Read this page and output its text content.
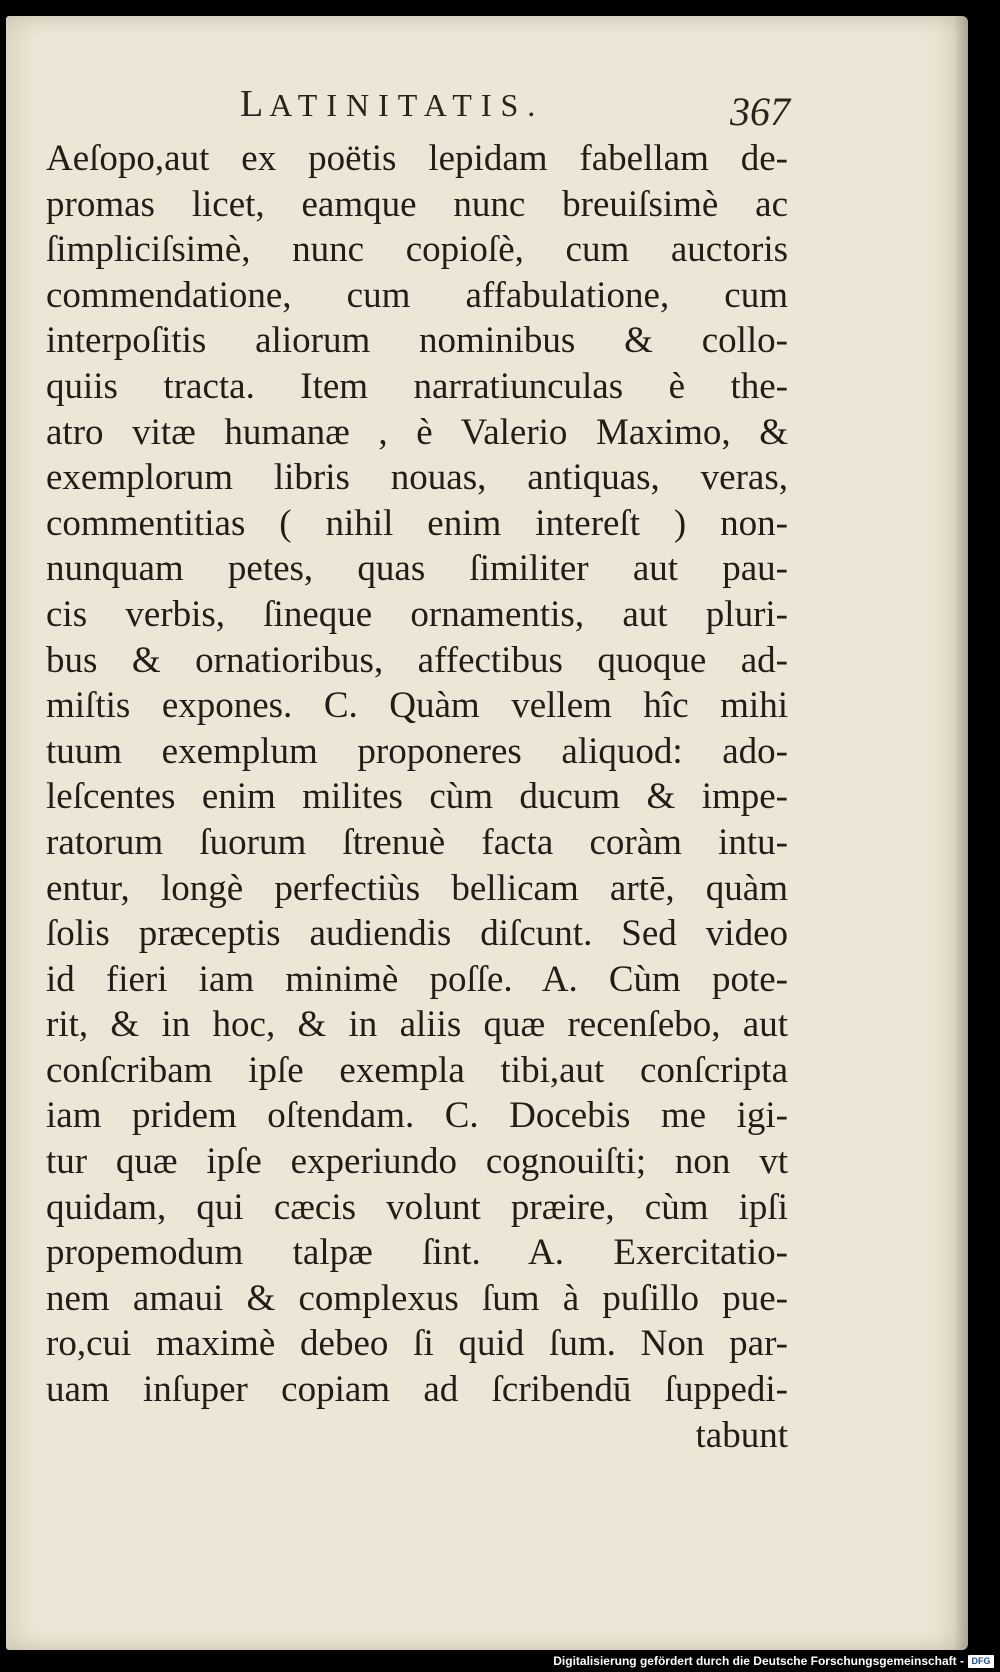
LATINITATIS.	367
Aeſopo,aut ex poëtis lepidam fabellam de-
promas licet, eamque nunc breuiſsimè ac
ſimpliciſsimè, nunc copioſè, cum auctoris
commendatione, cum affabulatione, cum
interpoſitis aliorum nominibus & collo-
quiis tracta. Item narratiunculas è the-
atro vitæ humanæ , è Valerio Maximo, &
exemplorum libris nouas, antiquas, veras,
commentitias ( nihil enim intereſt ) non-
nunquam petes, quas ſimiliter aut pau-
cis verbis, ſineque ornamentis, aut pluri-
bus & ornatioribus, affectibus quoque ad-
miſtis expones. C. Quàm vellem hîc mihi
tuum exemplum proponeres aliquod: ado-
leſcentes enim milites cùm ducum & impe-
ratorum ſuorum ſtrenuè facta coràm intu-
entur, longè perfectiùs bellicam artē, quàm
ſolis præceptis audiendis diſcunt. Sed video
id fieri iam minimè poſſe. A. Cùm pote-
rit, & in hoc, & in aliis quæ recenſebo, aut
conſcribam ipſe exempla tibi,aut conſcripta
iam pridem oſtendam. C. Docebis me igi-
tur quæ ipſe experiundo cognouiſti; non vt
quidam, qui cæcis volunt præire, cùm ipſi
propemodum talpæ ſint. A. Exercitatio-
nem amaui & complexus ſum à puſillo pue-
ro,cui maximè debeo ſi quid ſum. Non par-
uam inſuper copiam ad ſcribendū ſuppedi-
tabunt
Digitalisierung gefördert durch die Deutsche Forschungsgemeinschaft - DFG
